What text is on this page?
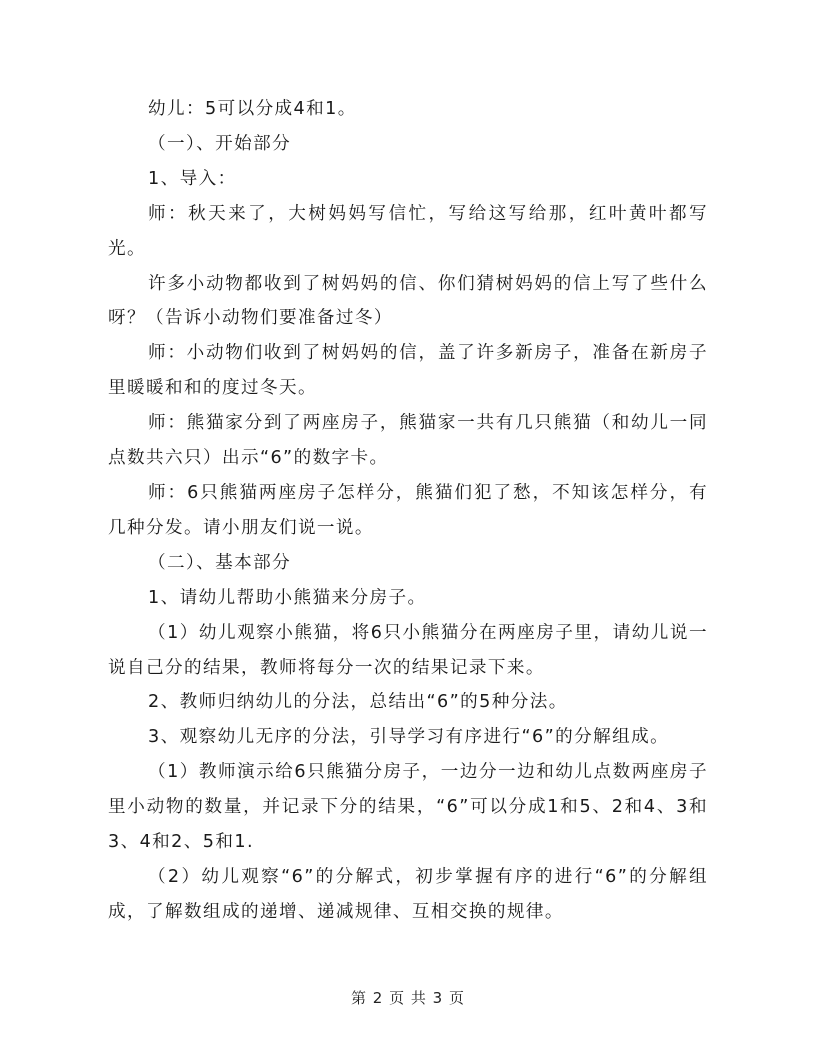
幼儿：5可以分成4和1。

（一）、开始部分

1、导入：

师：秋天来了，大树妈妈写信忙，写给这写给那，红叶黄叶都写光。

许多小动物都收到了树妈妈的信、你们猜树妈妈的信上写了些什么呀？（告诉小动物们要准备过冬）

师：小动物们收到了树妈妈的信，盖了许多新房子，准备在新房子里暖暖和和的度过冬天。

师：熊猫家分到了两座房子，熊猫家一共有几只熊猫（和幼儿一同点数共六只）出示“6”的数字卡。

师：6只熊猫两座房子怎样分，熊猫们犯了愁，不知该怎样分，有几种分发。请小朋友们说一说。

（二）、基本部分

1、请幼儿帮助小熊猫来分房子。

（1）幼儿观察小熊猫，将6只小熊猫分在两座房子里，请幼儿说一说自己分的结果，教师将每分一次的结果记录下来。

2、教师归纳幼儿的分法，总结出“6”的5种分法。

3、观察幼儿无序的分法，引导学习有序进行“6”的分解组成。

（1）教师演示给6只熊猫分房子，一边分一边和幼儿点数两座房子里小动物的数量，并记录下分的结果，“6”可以分成1和5、2和4、3和 3、4和2、5和1.

（2）幼儿观察“6”的分解式，初步掌握有序的进行“6”的分解组成，了解数组成的递增、递减规律、互相交换的规律。

第 2 页 共 3 页
